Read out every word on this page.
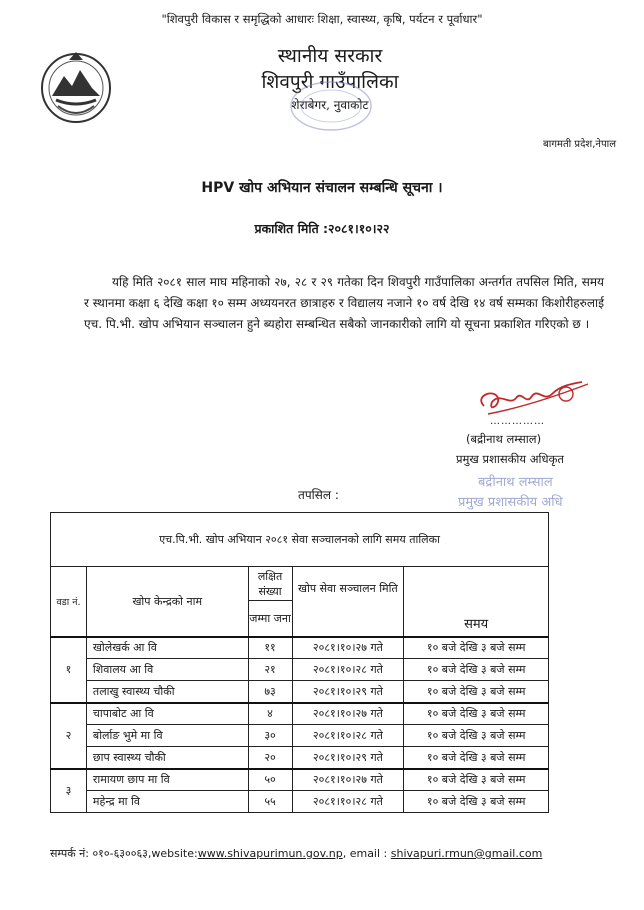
"शिवपुरी विकास र समृद्धिको आधारः शिक्षा, स्वास्थ्य, कृषि, पर्यटन र पूर्वाधार"
स्थानीय सरकार
शिवपुरी गाउँपालिका
शेराबेगर, नुवाकोट
बागमती प्रदेश,नेपाल
HPV खोप अभियान संचालन सम्बन्धि सूचना ।
प्रकाशित मिति :२०८१।१०।२२

यहि मिति २०८१ साल माघ महिनाको २७, २८ र २९ गतेका दिन शिवपुरी गाउँपालिका अन्तर्गत तपसिल मिति, समय र स्थानमा कक्षा ६ देखि कक्षा १० सम्म अध्ययनरत छात्राहरु र विद्यालय नजाने १० वर्ष देखि १४ वर्ष सम्मका किशोरीहरुलाई एच. पि.भी. खोप अभियान सञ्चालन हुने ब्यहोरा सम्बन्धित सबैको जानकारीको लागि यो सूचना प्रकाशित गरिएको छ ।

……………
(बद्रीनाथ लम्साल)
प्रमुख प्रशासकीय अधिकृत
बद्रीनाथ लम्साल
प्रमुख प्रशासकीय अधि
तपसिल :
एच.पि.भी. खोप अभियान २०८१ सेवा सञ्चालनको लागि समय तालिका				
वडा नं.	खोप केन्द्रको नाम	लक्षित संख्या	खोप सेवा सञ्चालन मिति	समय
		जम्मा जना		
१	खोलेखर्क आ वि	११	२०८१।१०।२७ गते	१० बजे देखि ३ बजे सम्म
	शिवालय आ वि	२१	२०८१।१०।२८ गते	१० बजे देखि ३ बजे सम्म
	तलाखु स्वास्थ्य चौकी	७३	२०८१।१०।२९ गते	१० बजे देखि ३ बजे सम्म
२	चापाबोट आ वि	४	२०८१।१०।२७ गते	१० बजे देखि ३ बजे सम्म
	बोर्लाङ भुमे मा वि	३०	२०८१।१०।२८ गते	१० बजे देखि ३ बजे सम्म
	छाप स्वास्थ्य चौकी	२०	२०८१।१०।२९ गते	१० बजे देखि ३ बजे सम्म
३	रामायण छाप मा वि	५०	२०८१।१०।२७ गते	१० बजे देखि ३ बजे सम्म
	महेन्द्र मा वि	५५	२०८१।१०।२८ गते	१० बजे देखि ३ बजे सम्म
सम्पर्क नं: ०१०-६३००६३,website:www.shivapurimun.gov.np, email : shivapuri.rmun@gmail.com
